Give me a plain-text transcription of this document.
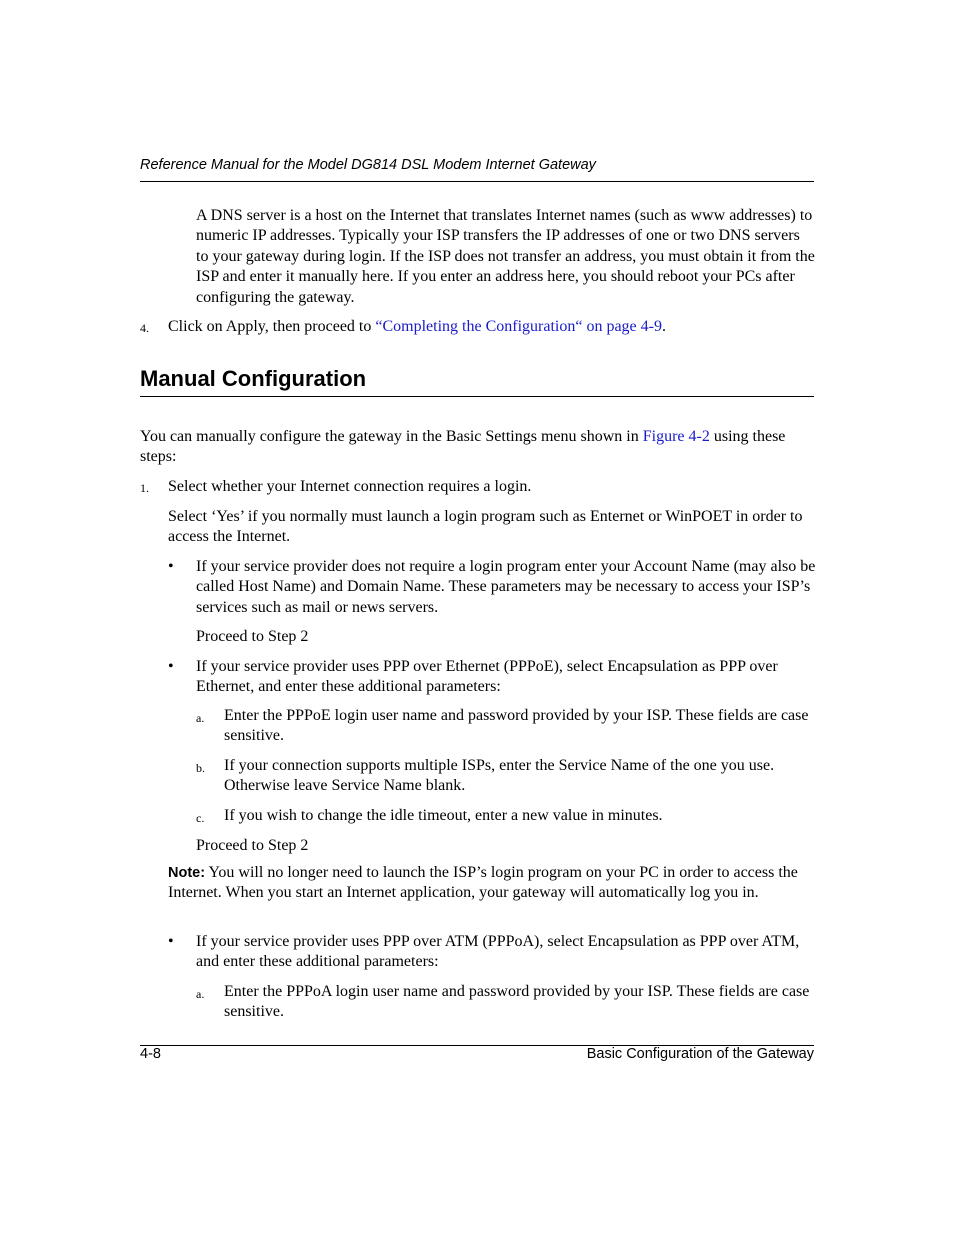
Reference Manual for the Model DG814 DSL Modem Internet Gateway
A DNS server is a host on the Internet that translates Internet names (such as www addresses) to numeric IP addresses. Typically your ISP transfers the IP addresses of one or two DNS servers to your gateway during login. If the ISP does not transfer an address, you must obtain it from the ISP and enter it manually here. If you enter an address here, you should reboot your PCs after configuring the gateway.
4. Click on Apply, then proceed to “Completing the Configuration“ on page 4-9.
Manual Configuration
You can manually configure the gateway in the Basic Settings menu shown in Figure 4-2 using these steps:
1. Select whether your Internet connection requires a login.
Select ‘Yes’ if you normally must launch a login program such as Enternet or WinPOET in order to access the Internet.
• If your service provider does not require a login program enter your Account Name (may also be called Host Name) and Domain Name. These parameters may be necessary to access your ISP’s services such as mail or news servers.
Proceed to Step 2
• If your service provider uses PPP over Ethernet (PPPoE), select Encapsulation as PPP over Ethernet, and enter these additional parameters:
a. Enter the PPPoE login user name and password provided by your ISP. These fields are case sensitive.
b. If your connection supports multiple ISPs, enter the Service Name of the one you use. Otherwise leave Service Name blank.
c. If you wish to change the idle timeout, enter a new value in minutes.
Proceed to Step 2
Note: You will no longer need to launch the ISP’s login program on your PC in order to access the Internet. When you start an Internet application, your gateway will automatically log you in.
• If your service provider uses PPP over ATM (PPPoA), select Encapsulation as PPP over ATM, and enter these additional parameters:
a. Enter the PPPoA login user name and password provided by your ISP. These fields are case sensitive.
4-8	Basic Configuration of the Gateway
